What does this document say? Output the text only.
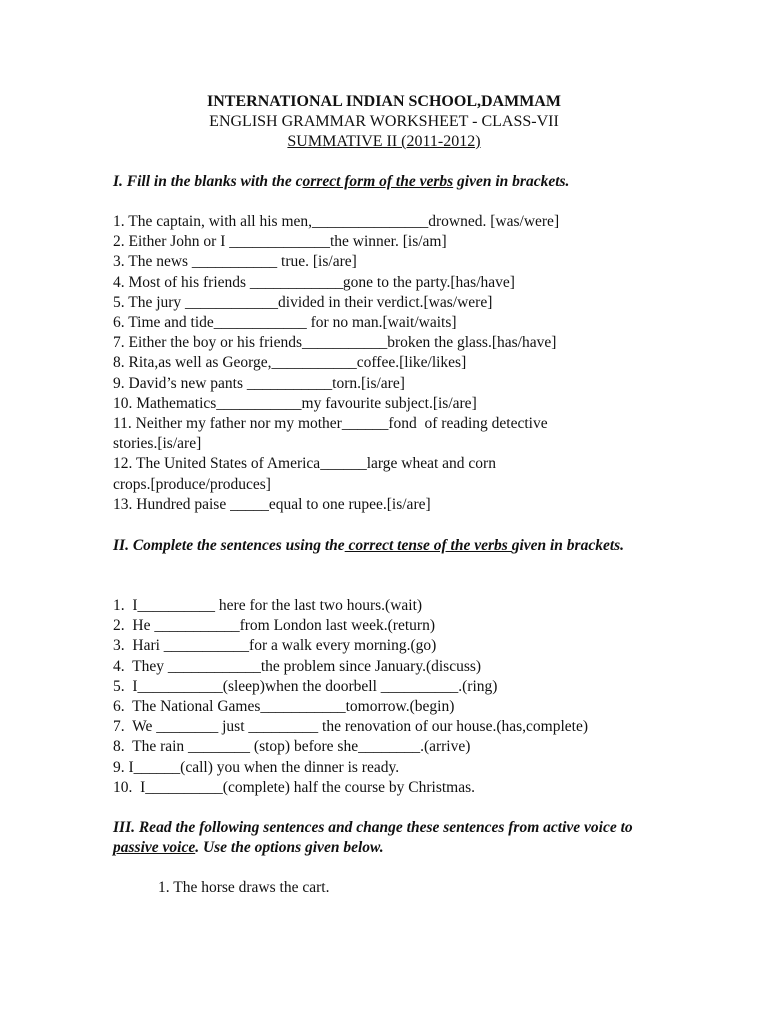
INTERNATIONAL INDIAN SCHOOL,DAMMAM
ENGLISH GRAMMAR WORKSHEET - CLASS-VII
SUMMATIVE II (2011-2012)
I. Fill in the blanks with the correct form of the verbs given in brackets.
1. The captain, with all his men,_______________drowned. [was/were]
2. Either John or I _____________the winner. [is/am]
3. The news ___________ true. [is/are]
4. Most of his friends ____________gone to the party.[has/have]
5. The jury ____________divided in their verdict.[was/were]
6. Time and tide____________ for no man.[wait/waits]
7. Either the boy or his friends___________broken the glass.[has/have]
8. Rita,as well as George,___________coffee.[like/likes]
9. David’s new pants ___________torn.[is/are]
10. Mathematics___________my favourite subject.[is/are]
11. Neither my father nor my mother______fond  of reading detective
stories.[is/are]
12. The United States of America______large wheat and corn
crops.[produce/produces]
13. Hundred paise _____equal to one rupee.[is/are]
II. Complete the sentences using the correct tense of the verbs given in brackets.
1.  I__________ here for the last two hours.(wait)
2.  He ___________from London last week.(return)
3.  Hari ___________for a walk every morning.(go)
4.  They ____________the problem since January.(discuss)
5.  I___________(sleep)when the doorbell __________.(ring)
6.  The National Games___________tomorrow.(begin)
7.  We ________ just _________ the renovation of our house.(has,complete)
8.  The rain ________ (stop) before she________.(arrive)
9. I______(call) you when the dinner is ready.
10.  I__________(complete) half the course by Christmas.
III. Read the following sentences and change these sentences from active voice to passive voice. Use the options given below.
1. The horse draws the cart.
